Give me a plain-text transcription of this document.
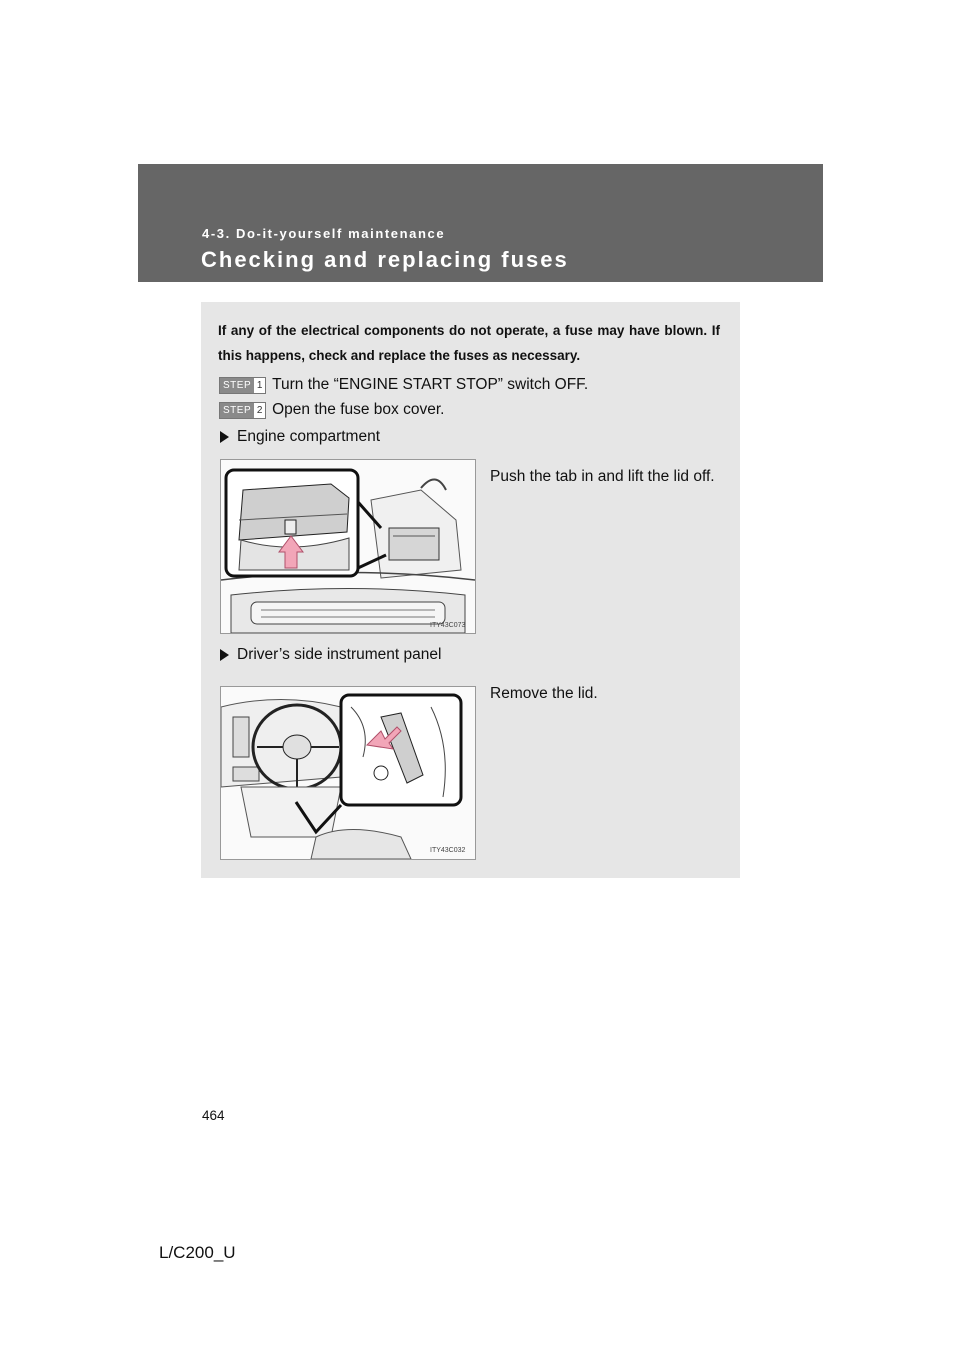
4-3. Do-it-yourself maintenance
Checking and replacing fuses
If any of the electrical components do not operate, a fuse may have blown. If this happens, check and replace the fuses as necessary.
STEP 1 Turn the “ENGINE START STOP” switch OFF.
STEP 2 Open the fuse box cover.
Engine compartment
ITY43C073
Push the tab in and lift the lid off.
Driver’s side instrument panel
ITY43C032
Remove the lid.
464
L/C200_U
